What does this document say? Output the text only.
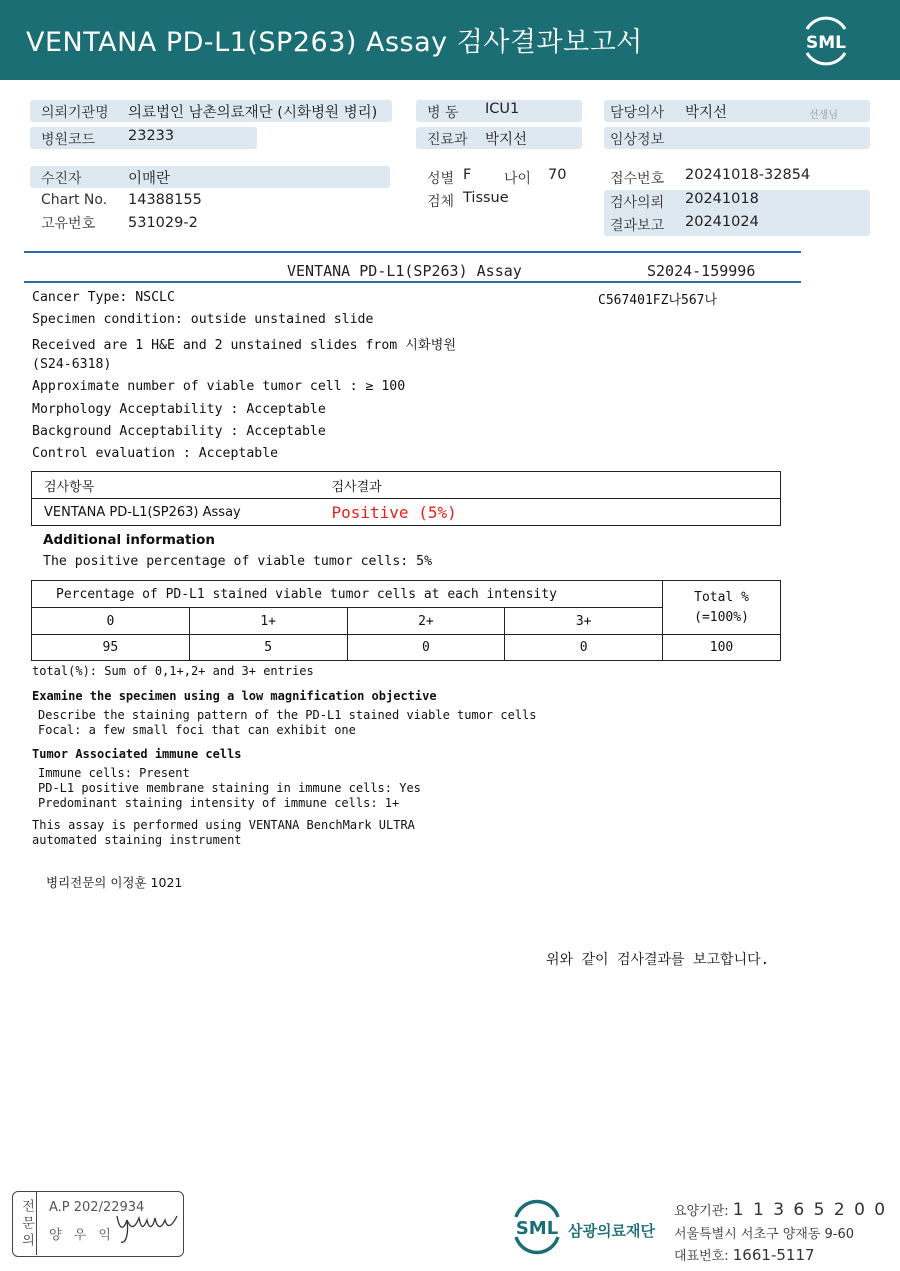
VENTANA PD-L1(SP263) Assay 검사결과보고서	SML
의뢰기관명 의료법인 남촌의료재단 (시화병원 병리)
병원코드 23233
병 동 ICU1
진료과 박지선
담당의사 박지선	선생님
임상정보
수진자	이매란
Chart No. 14388155
고유번호 531029-2
성별 F 나이 70
검체 Tissue
접수번호 20241018-32854
검사의뢰 20241018
결과보고 20241024
VENTANA PD-L1(SP263) Assay	S2024-159996
C567401FZ나567나
Cancer Type: NSCLC
Specimen condition: outside unstained slide
Received are 1 H&E and 2 unstained slides from 시화병원
(S24-6318)
Approximate number of viable tumor cell : ≥ 100
Morphology Acceptability : Acceptable
Background Acceptability : Acceptable
Control evaluation : Acceptable
검사항목	검사결과
VENTANA PD-L1(SP263) Assay	Positive (5%)
Additional information
The positive percentage of viable tumor cells: 5%
Percentage of PD-L1 stained viable tumor cells at each intensity				Total %
(=100%)

0	1+	2+	3+	
95	5	0	0	100
total(%): Sum of 0,1+,2+ and 3+ entries
Examine the specimen using a low magnification objective
Describe the staining pattern of the PD-L1 stained viable tumor cells
Focal: a few small foci that can exhibit one
Tumor Associated immune cells
Immune cells: Present
PD-L1 positive membrane staining in immune cells: Yes
Predominant staining intensity of immune cells: 1+
This assay is performed using VENTANA BenchMark ULTRA
automated staining instrument
병리전문의 이정훈 1021
위와 같이 검사결과를 보고합니다.
전문의 A.P 202/22934
양 우 익	SML 삼광의료재단
요양기관: 1 1 3 6 5 2 0 0
서울특별시 서초구 양재동 9-60
대표번호: 1661-5117
